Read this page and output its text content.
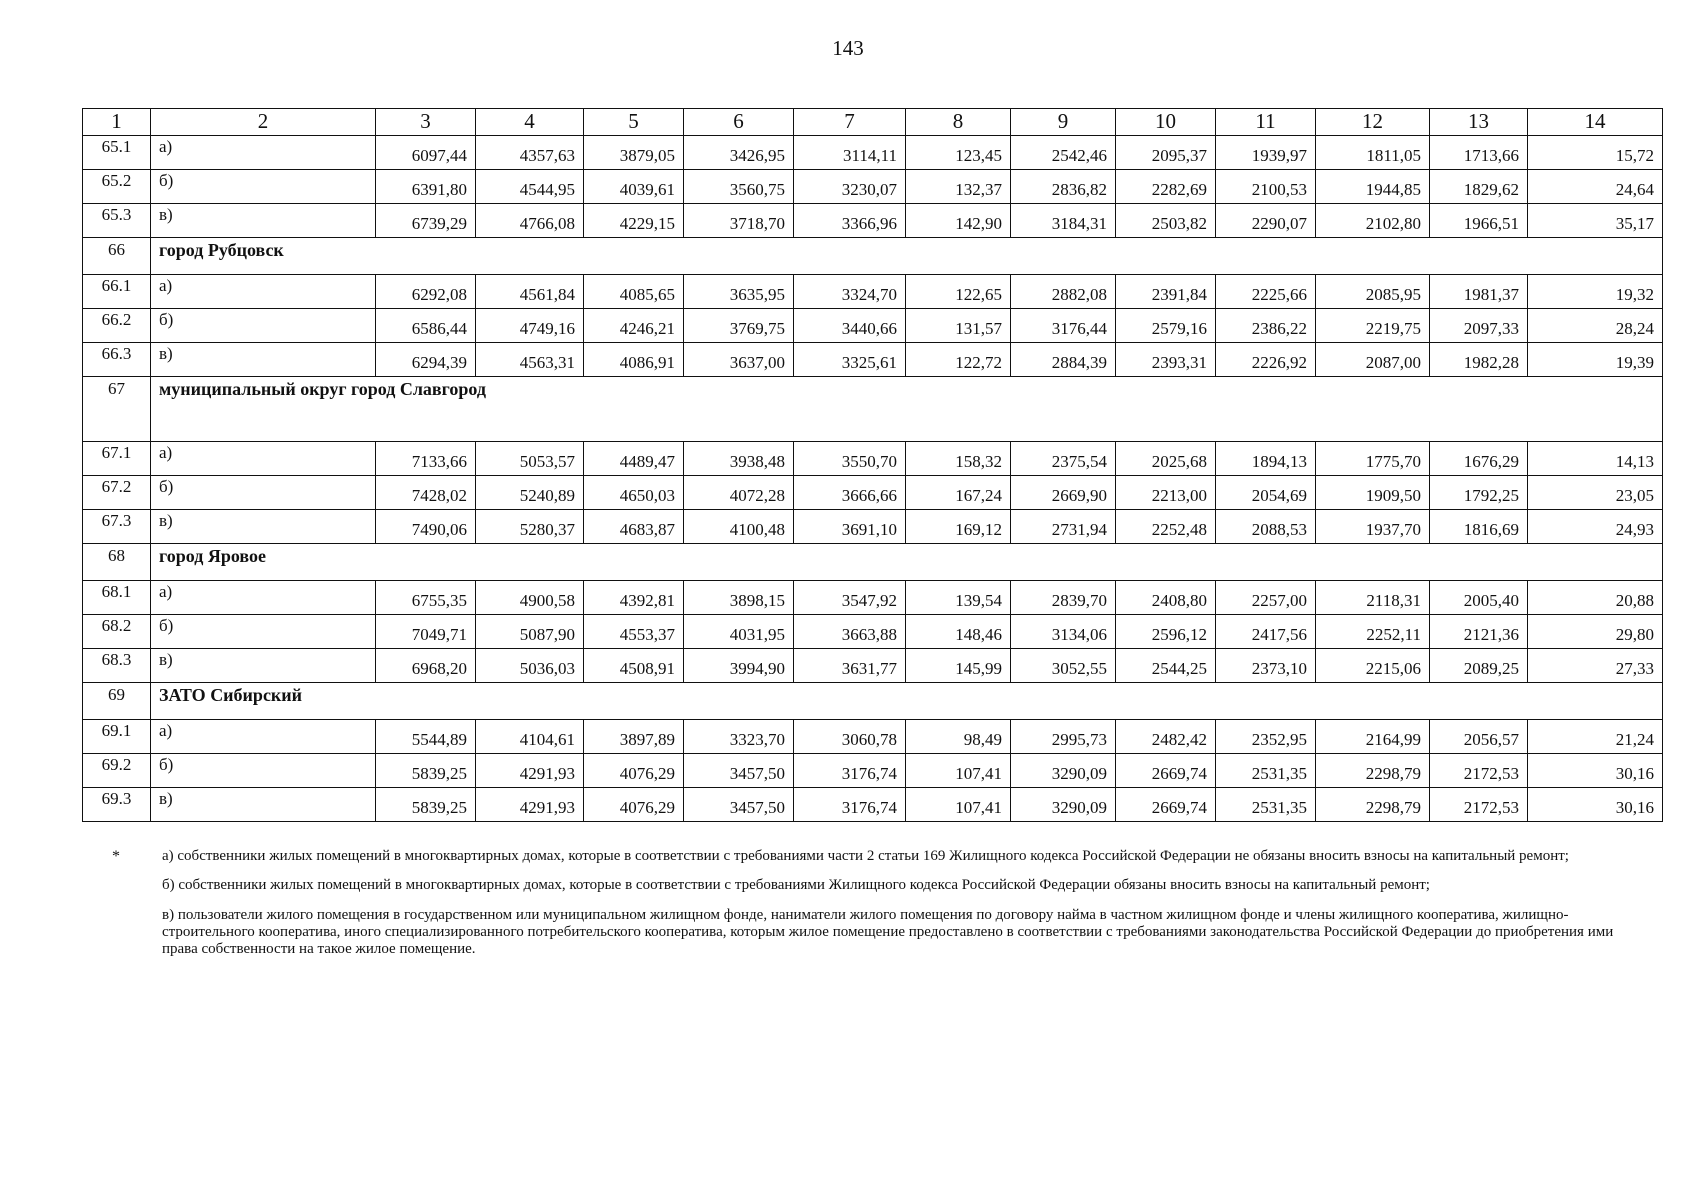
143
1	2	3	4	5	6	7	8	9	10	11	12	13	14
65.1	а)	6097,44	4357,63	3879,05	3426,95	3114,11	123,45	2542,46	2095,37	1939,97	1811,05	1713,66	15,72
65.2	б)	6391,80	4544,95	4039,61	3560,75	3230,07	132,37	2836,82	2282,69	2100,53	1944,85	1829,62	24,64
65.3	в)	6739,29	4766,08	4229,15	3718,70	3366,96	142,90	3184,31	2503,82	2290,07	2102,80	1966,51	35,17
66	город Рубцовск												
66.1	а)	6292,08	4561,84	4085,65	3635,95	3324,70	122,65	2882,08	2391,84	2225,66	2085,95	1981,37	19,32
66.2	б)	6586,44	4749,16	4246,21	3769,75	3440,66	131,57	3176,44	2579,16	2386,22	2219,75	2097,33	28,24
66.3	в)	6294,39	4563,31	4086,91	3637,00	3325,61	122,72	2884,39	2393,31	2226,92	2087,00	1982,28	19,39
67	муниципальный округ город Славгород												
67.1	а)	7133,66	5053,57	4489,47	3938,48	3550,70	158,32	2375,54	2025,68	1894,13	1775,70	1676,29	14,13
67.2	б)	7428,02	5240,89	4650,03	4072,28	3666,66	167,24	2669,90	2213,00	2054,69	1909,50	1792,25	23,05
67.3	в)	7490,06	5280,37	4683,87	4100,48	3691,10	169,12	2731,94	2252,48	2088,53	1937,70	1816,69	24,93
68	город Яровое												
68.1	а)	6755,35	4900,58	4392,81	3898,15	3547,92	139,54	2839,70	2408,80	2257,00	2118,31	2005,40	20,88
68.2	б)	7049,71	5087,90	4553,37	4031,95	3663,88	148,46	3134,06	2596,12	2417,56	2252,11	2121,36	29,80
68.3	в)	6968,20	5036,03	4508,91	3994,90	3631,77	145,99	3052,55	2544,25	2373,10	2215,06	2089,25	27,33
69	ЗАТО Сибирский												
69.1	а)	5544,89	4104,61	3897,89	3323,70	3060,78	98,49	2995,73	2482,42	2352,95	2164,99	2056,57	21,24
69.2	б)	5839,25	4291,93	4076,29	3457,50	3176,74	107,41	3290,09	2669,74	2531,35	2298,79	2172,53	30,16
69.3	в)	5839,25	4291,93	4076,29	3457,50	3176,74	107,41	3290,09	2669,74	2531,35	2298,79	2172,53	30,16
*	а) собственники жилых помещений в многоквартирных домах, которые в соответствии с требованиями части 2 статьи 169 Жилищного кодекса Российской Федерации не обязаны вносить взносы на капитальный ремонт;

б) собственники жилых помещений в многоквартирных домах, которые в соответствии с требованиями Жилищного кодекса Российской Федерации обязаны вносить взносы на капитальный ремонт;

в) пользователи жилого помещения в государственном или муниципальном жилищном фонде, наниматели жилого помещения по договору найма в частном жилищном фонде и члены жилищного кооператива, жилищно-строительного кооператива, иного специализированного потребительского кооператива, которым жилое помещение предоставлено в соответствии с требованиями законодательства Российской Федерации до приобретения ими права собственности на такое жилое помещение.
